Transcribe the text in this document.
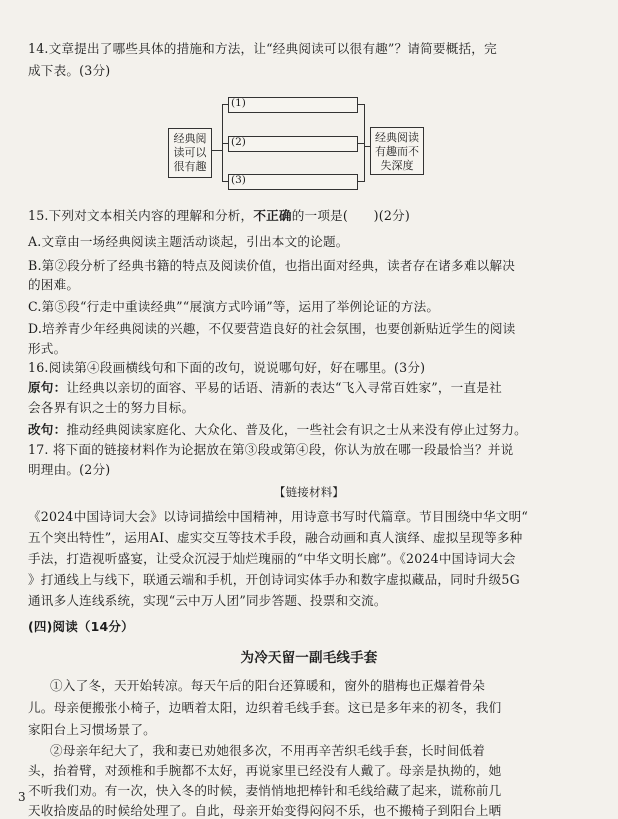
14.文章提出了哪些具体的措施和方法，让“经典阅读可以很有趣”？请简要概括，完
成下表。(3分)
经典阅
读可以
很有趣
(1)
(2)
(3)
经典阅读
有趣而不
失深度
15.下列对文本相关内容的理解和分析，不正确的一项是(　　)(2分)
A.文章由一场经典阅读主题活动谈起，引出本文的论题。
B.第②段分析了经典书籍的特点及阅读价值，也指出面对经典，读者存在诸多难以解决
的困难。
C.第⑤段“行走中重读经典”“展演方式吟诵”等，运用了举例论证的方法。
D.培养青少年经典阅读的兴趣，不仅要营造良好的社会氛围，也要创新贴近学生的阅读
形式。
16.阅读第④段画横线句和下面的改句，说说哪句好，好在哪里。(3分)
原句：让经典以亲切的面容、平易的话语、清新的表达“飞入寻常百姓家”，一直是社
会各界有识之士的努力目标。
改句：推动经典阅读家庭化、大众化、普及化，一些社会有识之士从来没有停止过努力。
17. 将下面的链接材料作为论据放在第③段或第④段，你认为放在哪一段最恰当？并说
明理由。(2分)
【链接材料】
《2024中国诗词大会》以诗词描绘中国精神，用诗意书写时代篇章。节目围绕中华文明“
五个突出特性”，运用AI、虚实交互等技术手段，融合动画和真人演绎、虚拟呈现等多种
手法，打造视听盛宴，让受众沉浸于灿烂瑰丽的“中华文明长廊”。《2024中国诗词大会
》打通线上与线下，联通云端和手机，开创诗词实体手办和数字虚拟藏品，同时升级5G
通讯多人连线系统，实现“云中万人团”同步答题、投票和交流。
(四)阅读（14分）
为冷天留一副毛线手套
①入了冬，天开始转凉。每天午后的阳台还算暖和，窗外的腊梅也正爆着骨朵
儿。母亲便搬张小椅子，边晒着太阳，边织着毛线手套。这已是多年来的初冬，我们
家阳台上习惯场景了。
②母亲年纪大了，我和妻已劝她很多次，不用再辛苦织毛线手套，长时间低着
头，抬着臂，对颈椎和手腕都不太好，再说家里已经没有人戴了。母亲是执拗的，她
不听我们劝。有一次，快入冬的时候，妻悄悄地把棒针和毛线给藏了起来，谎称前几
天收拾废品的时候给处理了。自此，母亲开始变得闷闷不乐，也不搬椅子到阳台上晒
3
